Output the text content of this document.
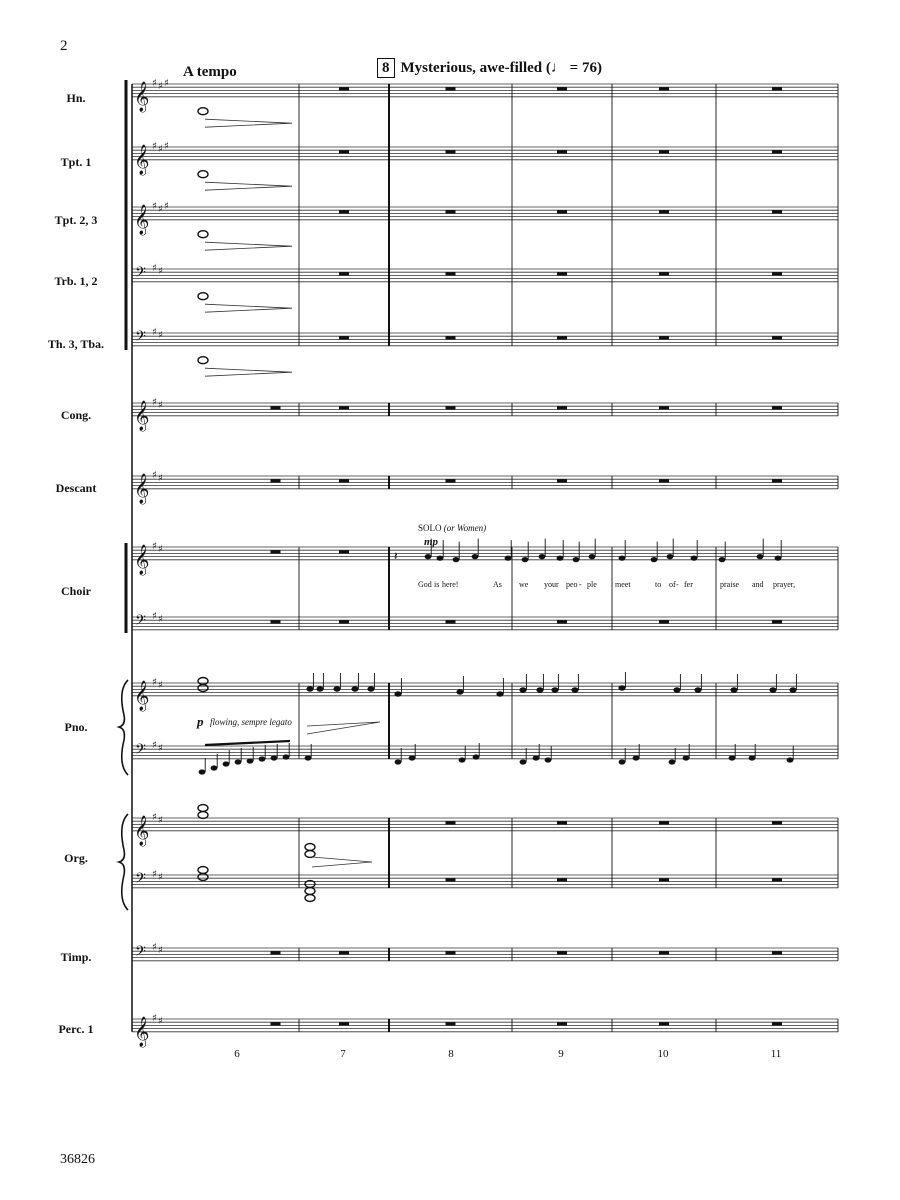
2
36826
A tempo	8 Mysterious, awe-filled (♩ = 76)
Hn.
Tpt. 1
Tpt. 2, 3
Trb. 1, 2
Th. 3, Tba.
Cong.
Descant
Choir
Pno.
Org.
Timp.
Perc. 1
SOLO (or Women)
mp
p flowing, sempre legato
God is here!	As we your peo - ple meet	to of - fer	praise and prayer,
6	7	8	9	10	11
𝄞 ♯ ♯ ♯
𝄞 ♯ ♯ ♯
𝄞 ♯ ♯ ♯
𝄢 ♯ ♯
𝄢 ♯ ♯
𝄞 ♯ ♯
𝄞 ♯ ♯
𝄞 ♯ ♯
𝄢 ♯ ♯
𝄞 ♯ ♯
𝄢 ♯ ♯
𝄞 ♯ ♯
𝄢 ♯ ♯
𝄢 ♯ ♯
𝄞 ♯ ♯
𝄽
